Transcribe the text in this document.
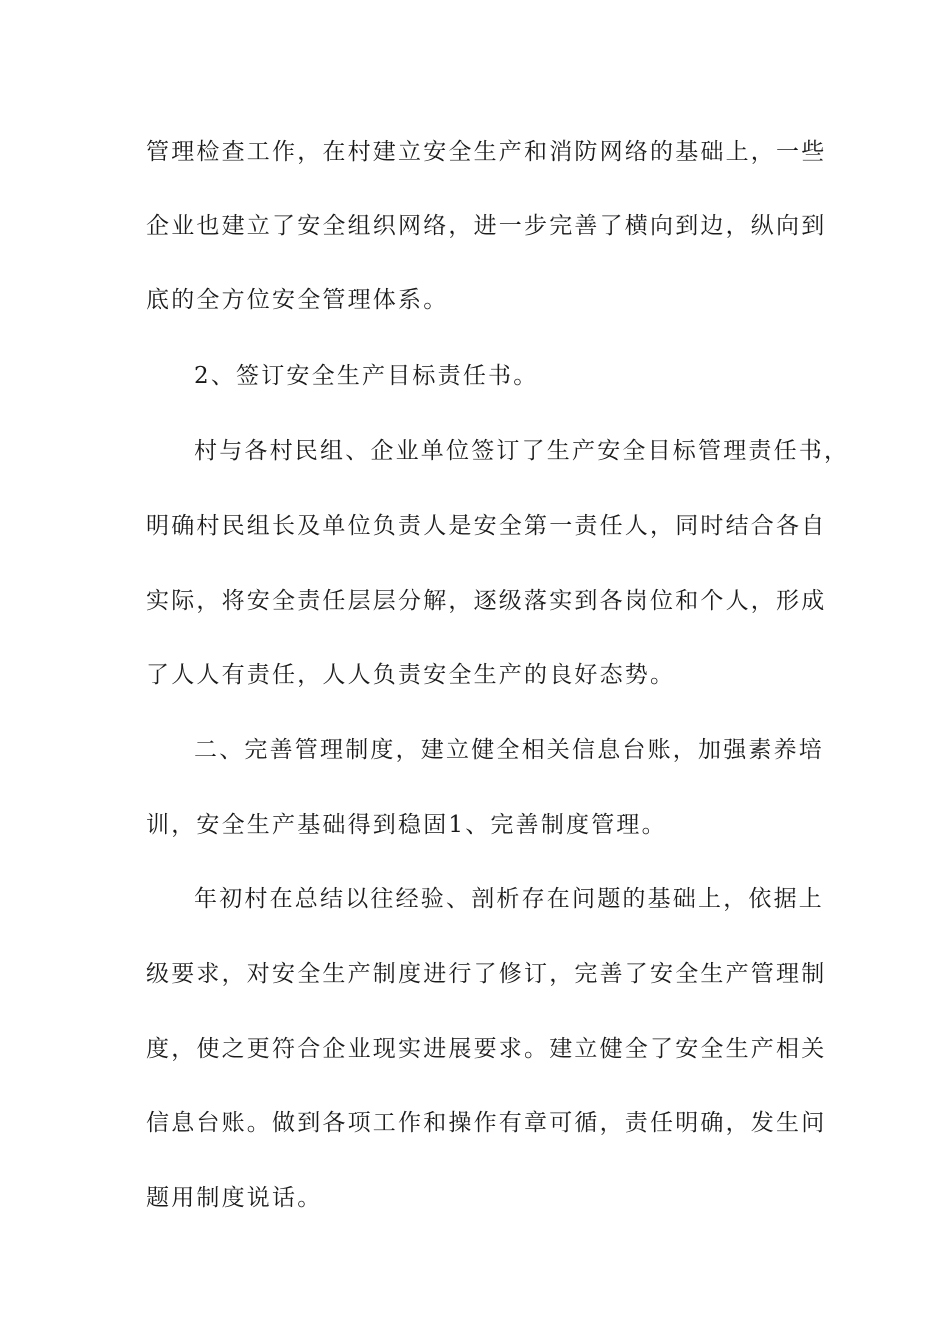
管理检查工作，在村建立安全生产和消防网络的基础上，一些
企业也建立了安全组织网络，进一步完善了横向到边，纵向到
底的全方位安全管理体系。
2、签订安全生产目标责任书。
村与各村民组、企业单位签订了生产安全目标管理责任书，
明确村民组长及单位负责人是安全第一责任人，同时结合各自
实际，将安全责任层层分解，逐级落实到各岗位和个人，形成
了人人有责任，人人负责安全生产的良好态势。
二、完善管理制度，建立健全相关信息台账，加强素养培
训，安全生产基础得到稳固1、完善制度管理。
年初村在总结以往经验、剖析存在问题的基础上，依据上
级要求，对安全生产制度进行了修订，完善了安全生产管理制
度，使之更符合企业现实进展要求。建立健全了安全生产相关
信息台账。做到各项工作和操作有章可循，责任明确，发生问
题用制度说话。
